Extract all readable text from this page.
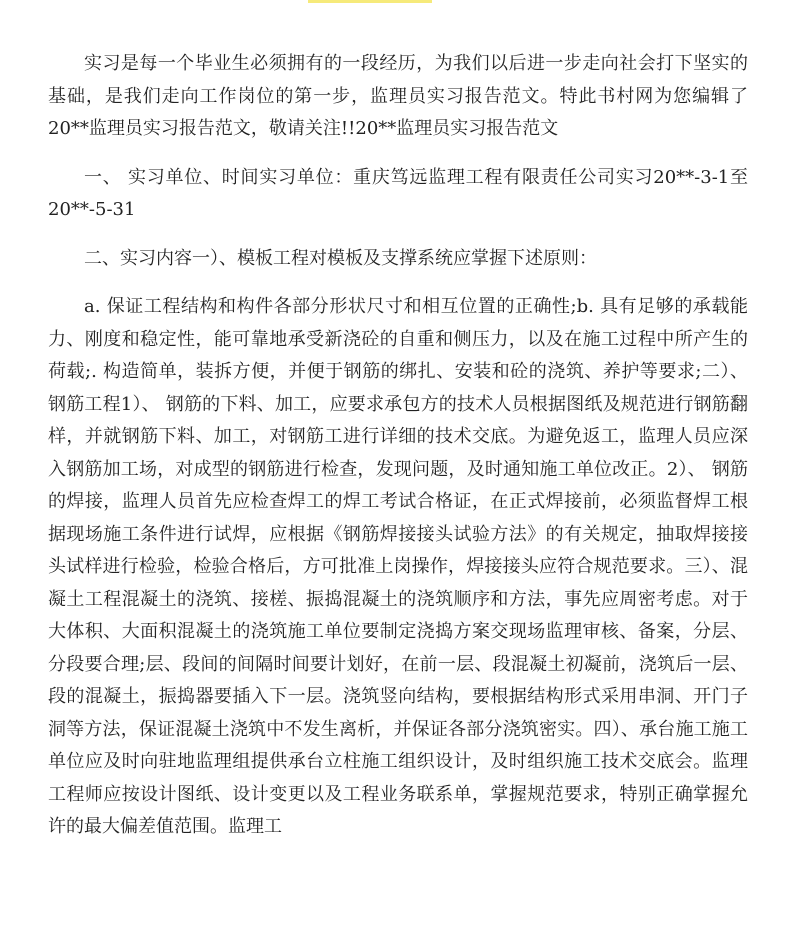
实习是每一个毕业生必须拥有的一段经历，为我们以后进一步走向社会打下坚实的基础，是我们走向工作岗位的第一步，监理员实习报告范文。特此书村网为您编辑了20**监理员实习报告范文，敬请关注!!20**监理员实习报告范文

一、 实习单位、时间实习单位：重庆笃远监理工程有限责任公司实习20**-3-1至20**-5-31

二、实习内容一）、模板工程对模板及支撑系统应掌握下述原则：

a. 保证工程结构和构件各部分形状尺寸和相互位置的正确性;b. 具有足够的承载能力、刚度和稳定性，能可靠地承受新浇砼的自重和侧压力，以及在施工过程中所产生的荷载;. 构造简单，装拆方便，并便于钢筋的绑扎、安装和砼的浇筑、养护等要求;二）、 钢筋工程1）、 钢筋的下料、加工，应要求承包方的技术人员根据图纸及规范进行钢筋翻样，并就钢筋下料、加工，对钢筋工进行详细的技术交底。为避免返工，监理人员应深入钢筋加工场，对成型的钢筋进行检查，发现问题，及时通知施工单位改正。2）、 钢筋的焊接，监理人员首先应检查焊工的焊工考试合格证，在正式焊接前，必须监督焊工根据现场施工条件进行试焊，应根据《钢筋焊接接头试验方法》的有关规定，抽取焊接接头试样进行检验，检验合格后，方可批准上岗操作，焊接接头应符合规范要求。三）、混凝土工程混凝土的浇筑、接槎、振捣混凝土的浇筑顺序和方法，事先应周密考虑。对于大体积、大面积混凝土的浇筑施工单位要制定浇捣方案交现场监理审核、备案，分层、分段要合理;层、段间的间隔时间要计划好，在前一层、段混凝土初凝前，浇筑后一层、段的混凝土，振捣器要插入下一层。浇筑竖向结构，要根据结构形式采用串洞、开门子洞等方法，保证混凝土浇筑中不发生离析，并保证各部分浇筑密实。四）、承台施工施工单位应及时向驻地监理组提供承台立柱施工组织设计，及时组织施工技术交底会。监理工程师应按设计图纸、设计变更以及工程业务联系单，掌握规范要求，特别正确掌握允许的最大偏差值范围。监理工
